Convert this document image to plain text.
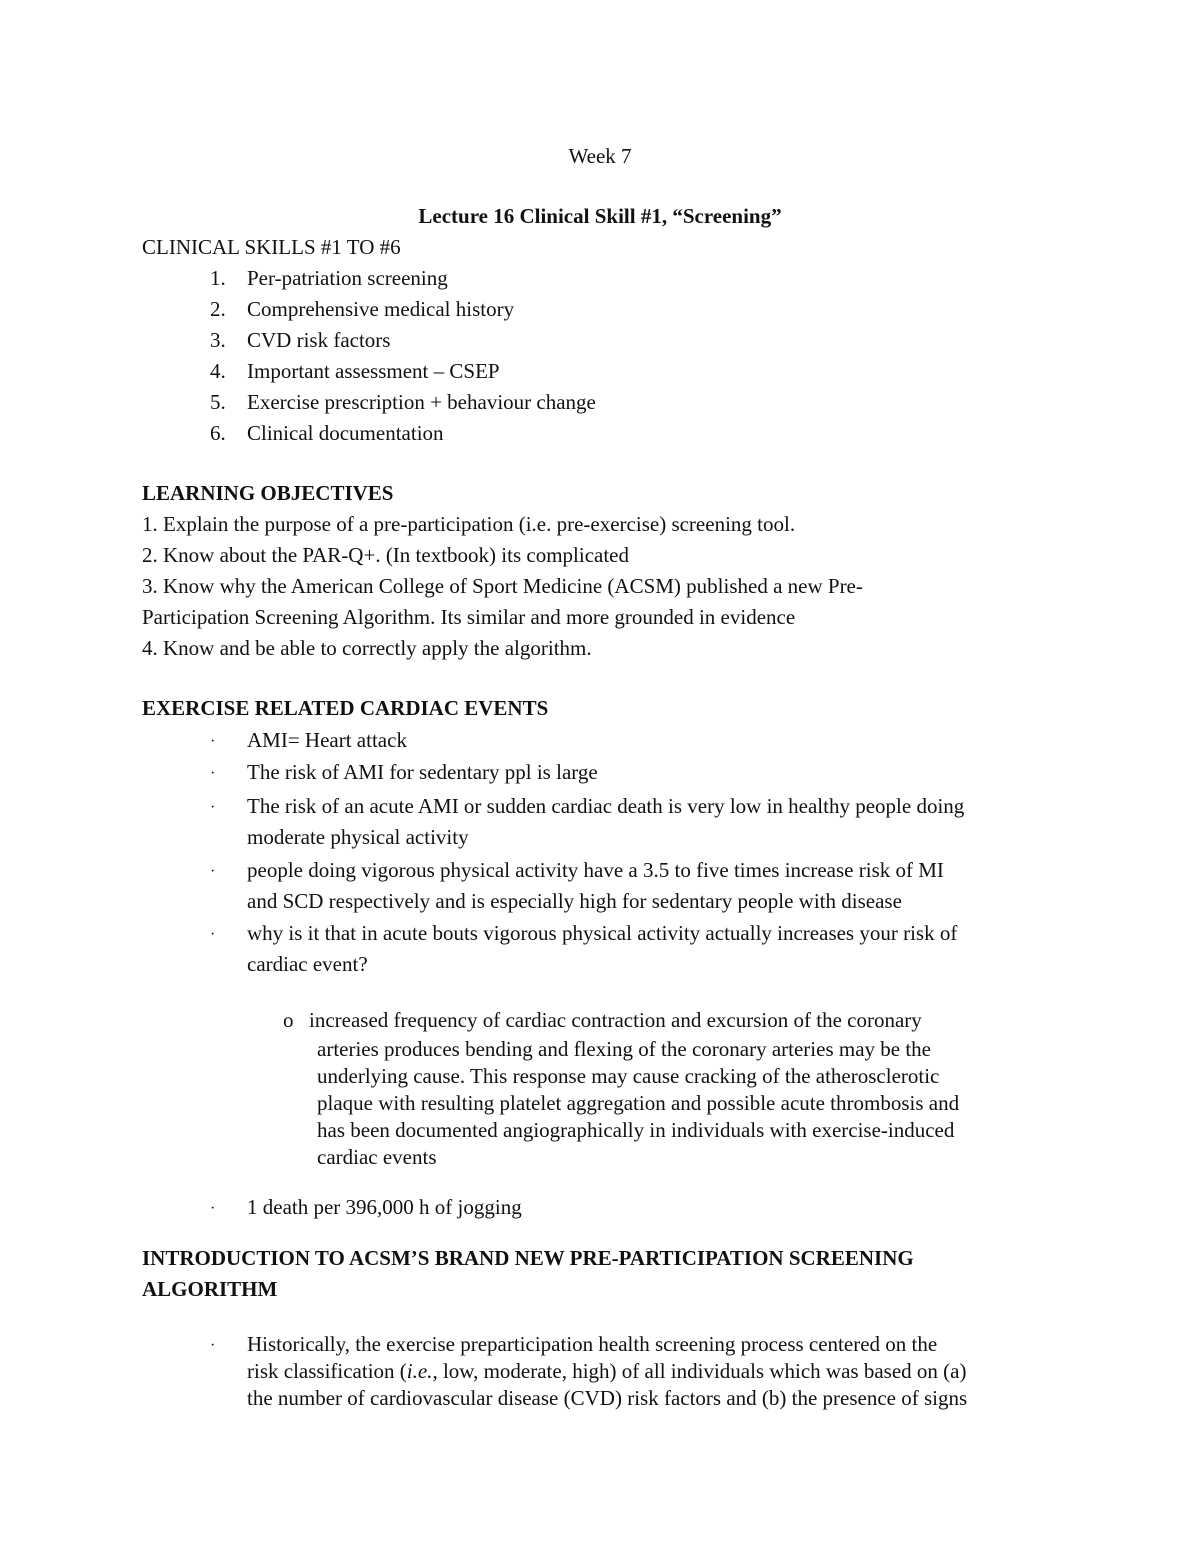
Week 7
Lecture 16 Clinical Skill #1, “Screening”
CLINICAL SKILLS #1 TO #6
1. Per-patriation screening
2. Comprehensive medical history
3. CVD risk factors
4. Important assessment – CSEP
5. Exercise prescription + behaviour change
6. Clinical documentation
LEARNING OBJECTIVES
1. Explain the purpose of a pre-participation (i.e. pre-exercise) screening tool.
2. Know about the PAR-Q+. (In textbook) its complicated
3. Know why the American College of Sport Medicine (ACSM) published a new Pre-
Participation Screening Algorithm. Its similar and more grounded in evidence
4. Know and be able to correctly apply the algorithm.
EXERCISE RELATED CARDIAC EVENTS
· AMI= Heart attack
· The risk of AMI for sedentary ppl is large
· The risk of an acute AMI or sudden cardiac death is very low in healthy people doing
moderate physical activity
· people doing vigorous physical activity have a 3.5 to five times increase risk of MI
and SCD respectively and is especially high for sedentary people with disease
· why is it that in acute bouts vigorous physical activity actually increases your risk of
cardiac event?
o increased frequency of cardiac contraction and excursion of the coronary
arteries produces bending and flexing of the coronary arteries may be the
underlying cause. This response may cause cracking of the atherosclerotic
plaque with resulting platelet aggregation and possible acute thrombosis and
has been documented angiographically in individuals with exercise-induced
cardiac events
· 1 death per 396,000 h of jogging
INTRODUCTION TO ACSM’S BRAND NEW PRE-PARTICIPATION SCREENING
ALGORITHM
· Historically, the exercise preparticipation health screening process centered on the
risk classification (i.e., low, moderate, high) of all individuals which was based on (a)
the number of cardiovascular disease (CVD) risk factors and (b) the presence of signs
